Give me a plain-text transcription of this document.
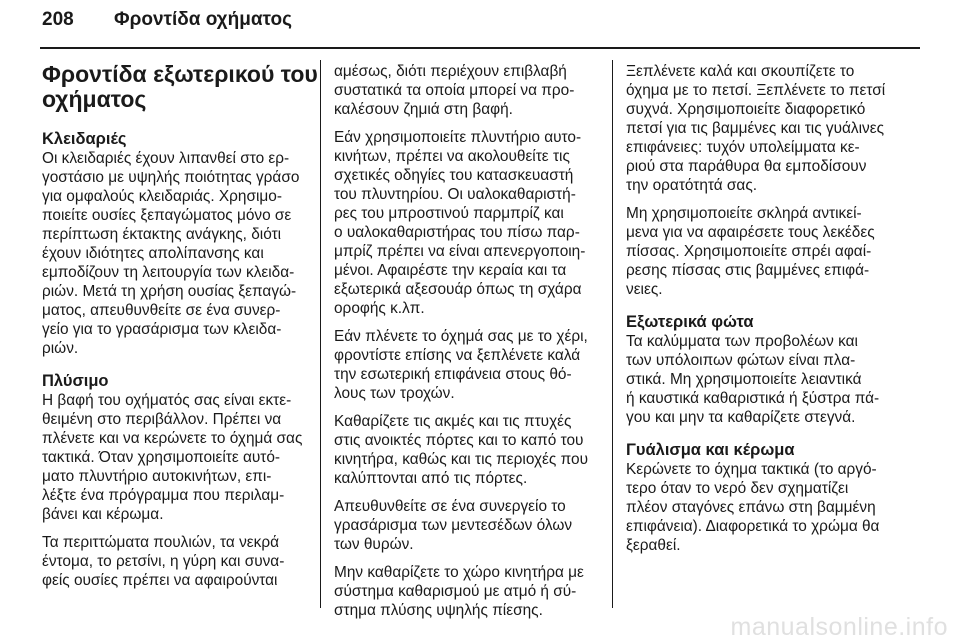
208 Φροντίδα οχήματος
Φροντίδα εξωτερικού του
οχήματος
Κλειδαριές
Οι κλειδαριές έχουν λιπανθεί στο ερ-
γοστάσιο με υψηλής ποιότητας γράσο
για ομφαλούς κλειδαριάς. Χρησιμο-
ποιείτε ουσίες ξεπαγώματος μόνο σε
περίπτωση έκτακτης ανάγκης, διότι
έχουν ιδιότητες απολίπανσης και
εμποδίζουν τη λειτουργία των κλειδα-
ριών. Μετά τη χρήση ουσίας ξεπαγώ-
ματος, απευθυνθείτε σε ένα συνερ-
γείο για το γρασάρισμα των κλειδα-
ριών.
Πλύσιμο
Η βαφή του οχήματός σας είναι εκτε-
θειμένη στο περιβάλλον. Πρέπει να
πλένετε και να κερώνετε το όχημά σας
τακτικά. Όταν χρησιμοποιείτε αυτό-
ματο πλυντήριο αυτοκινήτων, επι-
λέξτε ένα πρόγραμμα που περιλαμ-
βάνει και κέρωμα.
Τα περιττώματα πουλιών, τα νεκρά
έντομα, το ρετσίνι, η γύρη και συνα-
φείς ουσίες πρέπει να αφαιρούνται
αμέσως, διότι περιέχουν επιβλαβή
συστατικά τα οποία μπορεί να προ-
καλέσουν ζημιά στη βαφή.
Εάν χρησιμοποιείτε πλυντήριο αυτο-
κινήτων, πρέπει να ακολουθείτε τις
σχετικές οδηγίες του κατασκευαστή
του πλυντηρίου. Οι υαλοκαθαριστή-
ρες του μπροστινού παρμπρίζ και
ο υαλοκαθαριστήρας του πίσω παρ-
μπρίζ πρέπει να είναι απενεργοποιη-
μένοι. Αφαιρέστε την κεραία και τα
εξωτερικά αξεσουάρ όπως τη σχάρα
οροφής κ.λπ.
Εάν πλένετε το όχημά σας με το χέρι,
φροντίστε επίσης να ξεπλένετε καλά
την εσωτερική επιφάνεια στους θό-
λους των τροχών.
Καθαρίζετε τις ακμές και τις πτυχές
στις ανοικτές πόρτες και το καπό του
κινητήρα, καθώς και τις περιοχές που
καλύπτονται από τις πόρτες.
Απευθυνθείτε σε ένα συνεργείο το
γρασάρισμα των μεντεσέδων όλων
των θυρών.
Μην καθαρίζετε το χώρο κινητήρα με
σύστημα καθαρισμού με ατμό ή σύ-
στημα πλύσης υψηλής πίεσης.
Ξεπλένετε καλά και σκουπίζετε το
όχημα με το πετσί. Ξεπλένετε το πετσί
συχνά. Χρησιμοποιείτε διαφορετικό
πετσί για τις βαμμένες και τις γυάλινες
επιφάνειες: τυχόν υπολείμματα κε-
ριού στα παράθυρα θα εμποδίσουν
την ορατότητά σας.
Μη χρησιμοποιείτε σκληρά αντικεί-
μενα για να αφαιρέσετε τους λεκέδες
πίσσας. Χρησιμοποιείτε σπρέι αφαί-
ρεσης πίσσας στις βαμμένες επιφά-
νειες.
Εξωτερικά φώτα
Τα καλύμματα των προβολέων και
των υπόλοιπων φώτων είναι πλα-
στικά. Μη χρησιμοποιείτε λειαντικά
ή καυστικά καθαριστικά ή ξύστρα πά-
γου και μην τα καθαρίζετε στεγνά.
Γυάλισμα και κέρωμα
Κερώνετε το όχημα τακτικά (το αργό-
τερο όταν το νερό δεν σχηματίζει
πλέον σταγόνες επάνω στη βαμμένη
επιφάνεια). Διαφορετικά το χρώμα θα
ξεραθεί.
manualsonline.info
